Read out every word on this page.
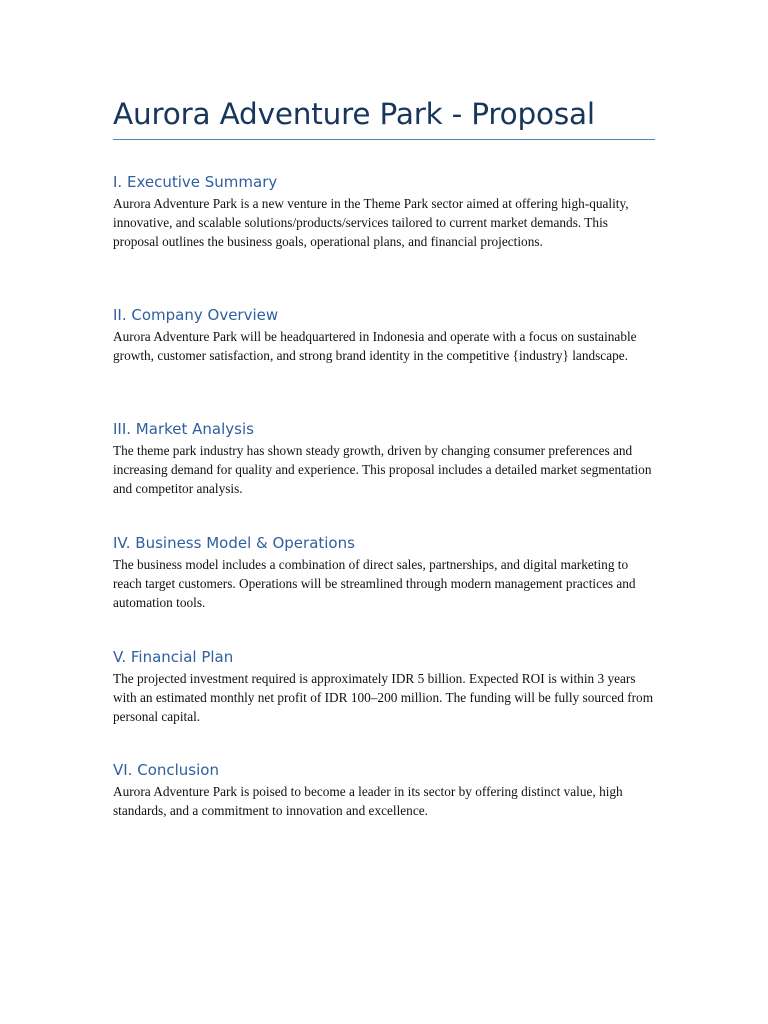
Aurora Adventure Park - Proposal
I. Executive Summary

Aurora Adventure Park is a new venture in the Theme Park sector aimed at offering high-quality, innovative, and scalable solutions/products/services tailored to current market demands. This proposal outlines the business goals, operational plans, and financial projections.

II. Company Overview

Aurora Adventure Park will be headquartered in Indonesia and operate with a focus on sustainable growth, customer satisfaction, and strong brand identity in the competitive {industry} landscape.

III. Market Analysis

The theme park industry has shown steady growth, driven by changing consumer preferences and increasing demand for quality and experience. This proposal includes a detailed market segmentation and competitor analysis.

IV. Business Model & Operations

The business model includes a combination of direct sales, partnerships, and digital marketing to reach target customers. Operations will be streamlined through modern management practices and automation tools.

V. Financial Plan

The projected investment required is approximately IDR 5 billion. Expected ROI is within 3 years with an estimated monthly net profit of IDR 100–200 million. The funding will be fully sourced from personal capital.

VI. Conclusion

Aurora Adventure Park is poised to become a leader in its sector by offering distinct value, high standards, and a commitment to innovation and excellence.
